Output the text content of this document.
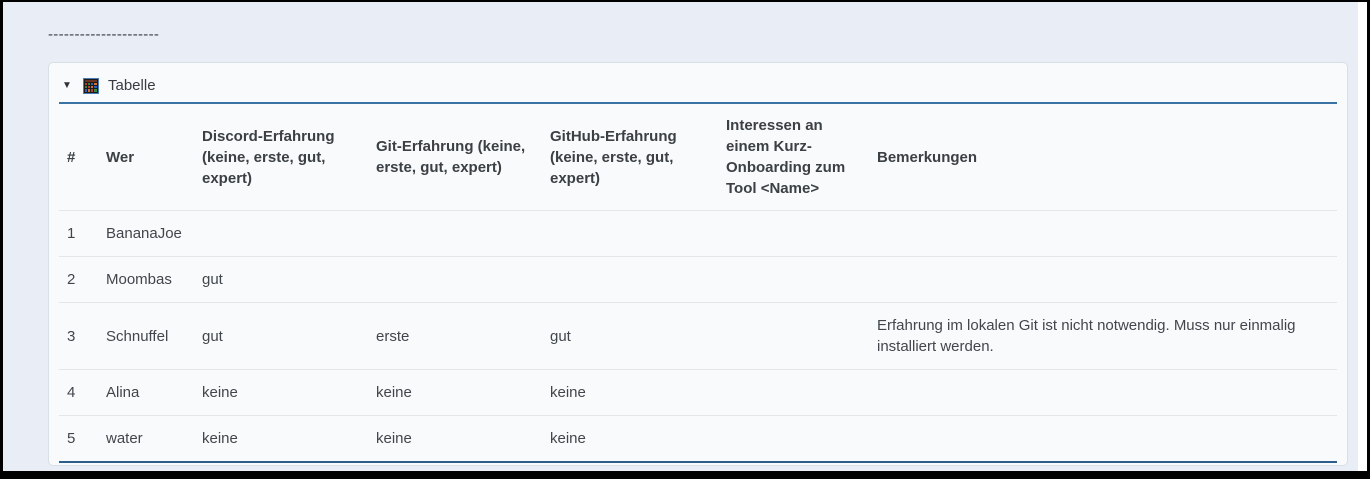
---------------------
▼ Tabelle
#	Wer	Discord-Erfahrung (keine, erste, gut, expert)	Git-Erfahrung (keine, erste, gut, expert)	GitHub-Erfahrung (keine, erste, gut, expert)	Interessen an einem Kurz-Onboarding zum Tool <Name>	Bemerkungen
1	BananaJoe					
2	Moombas	gut				
3	Schnuffel	gut	erste	gut		Erfahrung im lokalen Git ist nicht notwendig. Muss nur einmalig installiert werden.
4	Alina	keine	keine	keine		
5	water	keine	keine	keine		
